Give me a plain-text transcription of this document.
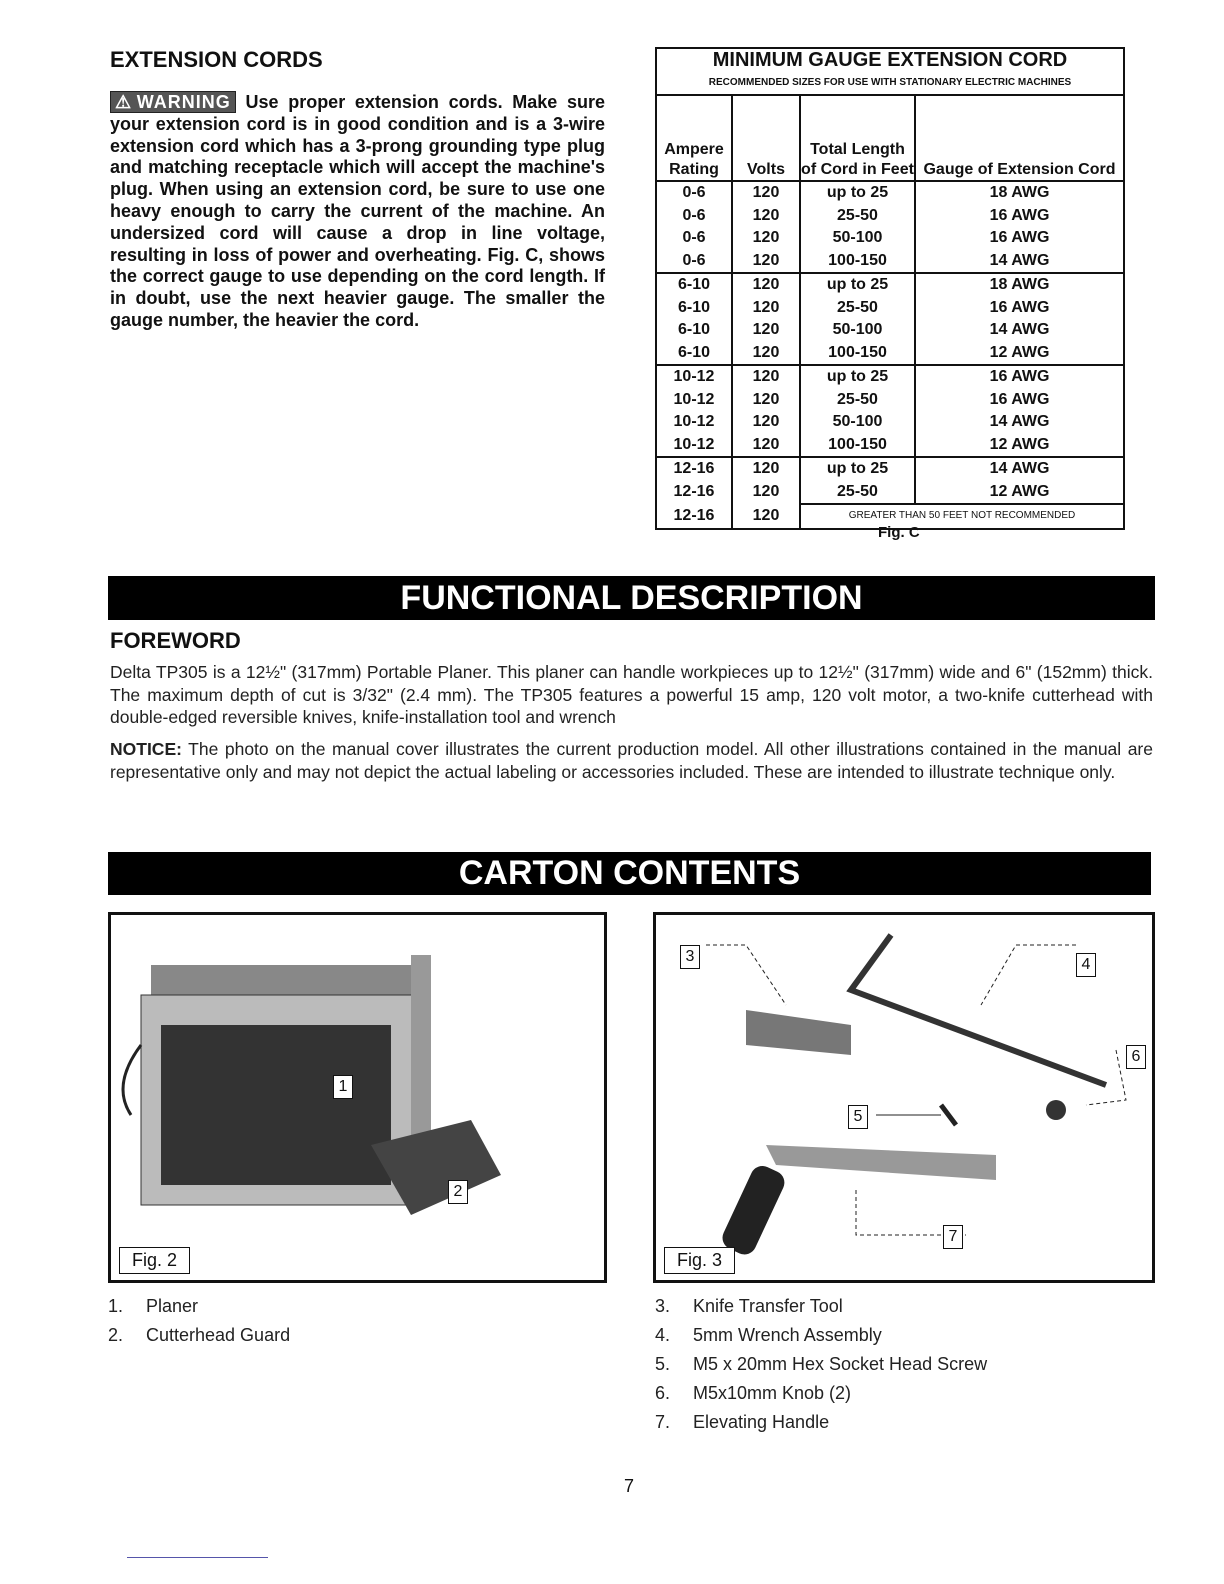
EXTENSION CORDS
⚠WARNING Use proper extension cords. Make sure your extension cord is in good condition and is a 3-wire extension cord which has a 3-prong grounding type plug and matching receptacle which will accept the machine's plug. When using an extension cord, be sure to use one heavy enough to carry the current of the machine. An undersized cord will cause a drop in line voltage, resulting in loss of power and overheating. Fig. C, shows the correct gauge to use depending on the cord length. If in doubt, use the next heavier gauge. The smaller the gauge number, the heavier the cord.
MINIMUM GAUGE EXTENSION CORD			
RECOMMENDED SIZES FOR USE WITH STATIONARY ELECTRIC MACHINES			
Ampere Rating	Volts	Total Length of Cord in Feet	Gauge of Extension Cord
0-6	120	up to 25	18 AWG
0-6	120	25-50	16 AWG
0-6	120	50-100	16 AWG
0-6	120	100-150	14 AWG
6-10	120	up to 25	18 AWG
6-10	120	25-50	16 AWG
6-10	120	50-100	14 AWG
6-10	120	100-150	12 AWG
10-12	120	up to 25	16 AWG
10-12	120	25-50	16 AWG
10-12	120	50-100	14 AWG
10-12	120	100-150	12 AWG
12-16	120	up to 25	14 AWG
12-16	120	25-50	12 AWG
12-16	120	GREATER THAN 50 FEET NOT RECOMMENDED	
Fig. C
FUNCTIONAL DESCRIPTION
FOREWORD
Delta TP305 is a 12½" (317mm) Portable Planer. This planer can handle workpieces up to 12½" (317mm) wide and 6" (152mm) thick. The maximum depth of cut is 3/32" (2.4 mm). The TP305 features a powerful 15 amp, 120 volt motor, a two-knife cutterhead with double-edged reversible knives, knife-installation tool and wrench
NOTICE: The photo on the manual cover illustrates the current production model. All other illustrations contained in the manual are representative only and may not depict the actual labeling or accessories included. These are intended to illustrate technique only.
CARTON CONTENTS
1
2
Fig. 2
3	4
5
6
7
Fig. 3
1. Planer
2. Cutterhead Guard
3. Knife Transfer Tool
4. 5mm Wrench Assembly
5. M5 x 20mm Hex Socket Head Screw
6. M5x10mm Knob (2)
7. Elevating Handle
7
